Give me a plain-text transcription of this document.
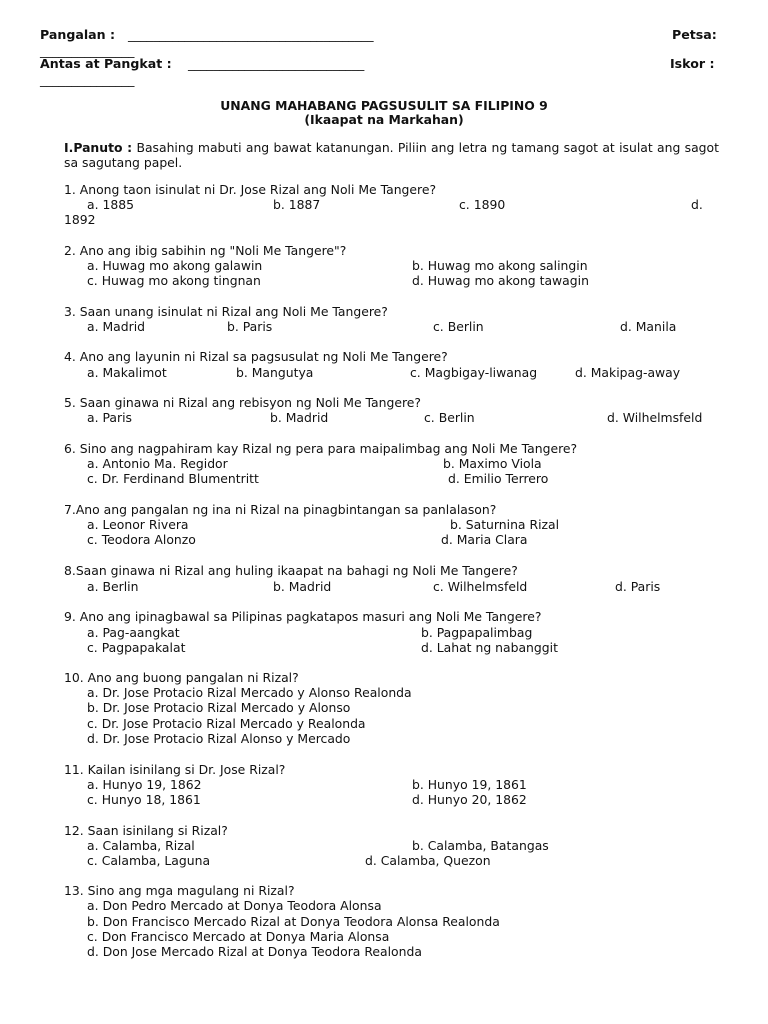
Pangalan : _______________________________________	Petsa:
_______________
Antas at Pangkat : ____________________________	Iskor :
_______________
UNANG MAHABANG PAGSUSULIT SA FILIPINO 9
(Ikaapat na Markahan)
I.Panuto : Basahing mabuti ang bawat katanungan. Piliin ang letra ng tamang sagot at isulat ang sagot sa sagutang papel.
1. Anong taon isinulat ni Dr. Jose Rizal ang Noli Me Tangere?
a. 1885	b. 1887	c. 1890	d.
1892
2. Ano ang ibig sabihin ng "Noli Me Tangere"?
a. Huwag mo akong galawin	b. Huwag mo akong salingin
c. Huwag mo akong tingnan	d. Huwag mo akong tawagin
3. Saan unang isinulat ni Rizal ang Noli Me Tangere?
a. Madrid	b. Paris	c. Berlin	d. Manila
4. Ano ang layunin ni Rizal sa pagsusulat ng Noli Me Tangere?
a. Makalimot	b. Mangutya	c. Magbigay-liwanag	d. Makipag-away
5. Saan ginawa ni Rizal ang rebisyon ng Noli Me Tangere?
a. Paris	b. Madrid	c. Berlin	d. Wilhelmsfeld
6. Sino ang nagpahiram kay Rizal ng pera para maipalimbag ang Noli Me Tangere?
a. Antonio Ma. Regidor	b. Maximo Viola
c. Dr. Ferdinand Blumentritt	d. Emilio Terrero
7.Ano ang pangalan ng ina ni Rizal na pinagbintangan sa panlalason?
a. Leonor Rivera	b. Saturnina Rizal
c. Teodora Alonzo	d. Maria Clara
8.Saan ginawa ni Rizal ang huling ikaapat na bahagi ng Noli Me Tangere?
a. Berlin	b. Madrid	c. Wilhelmsfeld	d. Paris
9. Ano ang ipinagbawal sa Pilipinas pagkatapos masuri ang Noli Me Tangere?
a. Pag-aangkat	b. Pagpapalimbag
c. Pagpapakalat	d. Lahat ng nabanggit
10. Ano ang buong pangalan ni Rizal?
a. Dr. Jose Protacio Rizal Mercado y Alonso Realonda
b. Dr. Jose Protacio Rizal Mercado y Alonso
c. Dr. Jose Protacio Rizal Mercado y Realonda
d. Dr. Jose Protacio Rizal Alonso y Mercado
11. Kailan isinilang si Dr. Jose Rizal?
a. Hunyo 19, 1862	b. Hunyo 19, 1861
c. Hunyo 18, 1861	d. Hunyo 20, 1862
12. Saan isinilang si Rizal?
a. Calamba, Rizal	b. Calamba, Batangas
c. Calamba, Laguna	d. Calamba, Quezon
13. Sino ang mga magulang ni Rizal?
a. Don Pedro Mercado at Donya Teodora Alonsa
b. Don Francisco Mercado Rizal at Donya Teodora Alonsa Realonda
c. Don Francisco Mercado at Donya Maria Alonsa
d. Don Jose Mercado Rizal at Donya Teodora Realonda
